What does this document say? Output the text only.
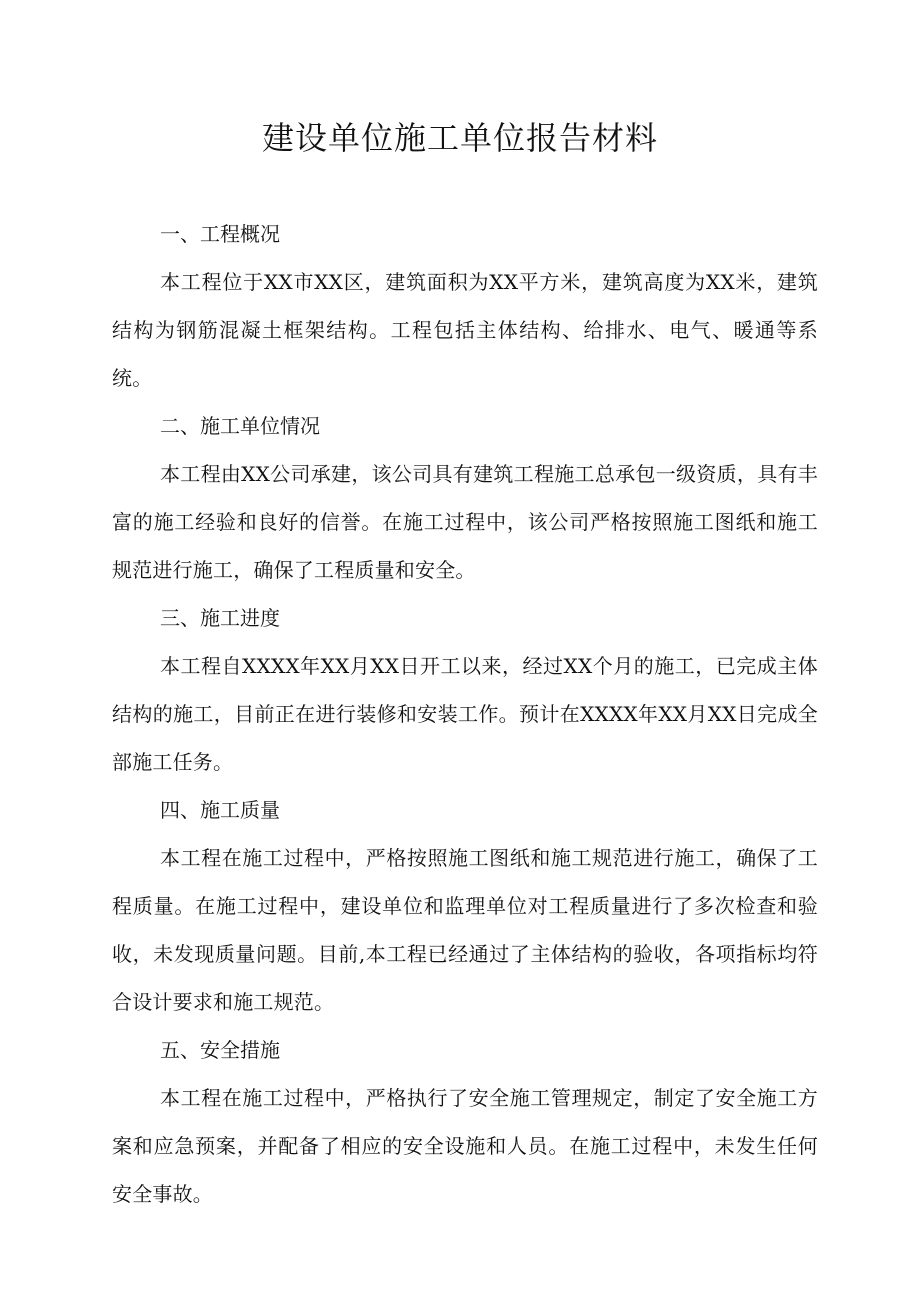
建设单位施工单位报告材料
一、工程概况

本工程位于XX市XX区，建筑面积为XX平方米，建筑高度为XX米，建筑结构为钢筋混凝土框架结构。工程包括主体结构、给排水、电气、暖通等系统。

二、施工单位情况

本工程由XX公司承建，该公司具有建筑工程施工总承包一级资质，具有丰富的施工经验和良好的信誉。在施工过程中，该公司严格按照施工图纸和施工规范进行施工，确保了工程质量和安全。

三、施工进度

本工程自XXXX年XX月XX日开工以来，经过XX个月的施工，已完成主体结构的施工，目前正在进行装修和安装工作。预计在XXXX年XX月XX日完成全部施工任务。

四、施工质量

本工程在施工过程中，严格按照施工图纸和施工规范进行施工，确保了工程质量。在施工过程中，建设单位和监理单位对工程质量进行了多次检查和验收，未发现质量问题。目前,本工程已经通过了主体结构的验收，各项指标均符合设计要求和施工规范。

五、安全措施

本工程在施工过程中，严格执行了安全施工管理规定，制定了安全施工方案和应急预案，并配备了相应的安全设施和人员。在施工过程中，未发生任何安全事故。
